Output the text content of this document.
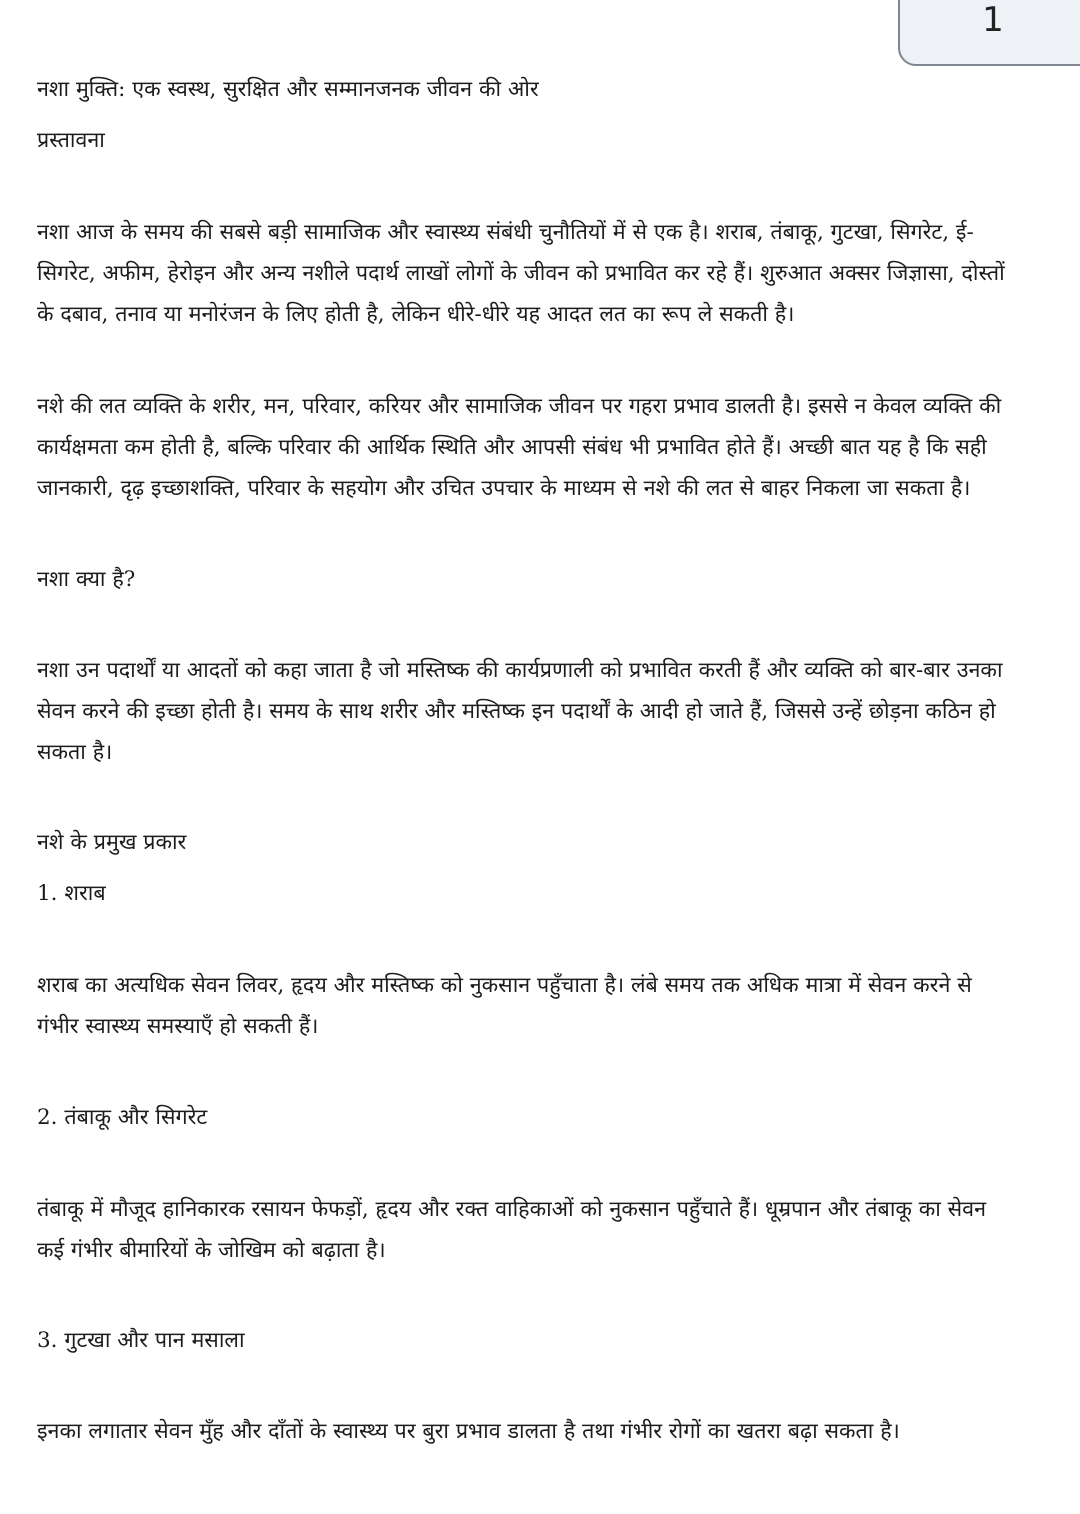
1
नशा मुक्ति: एक स्वस्थ, सुरक्षित और सम्मानजनक जीवन की ओर
प्रस्तावना
नशा आज के समय की सबसे बड़ी सामाजिक और स्वास्थ्य संबंधी चुनौतियों में से एक है। शराब, तंबाकू, गुटखा, सिगरेट, ई-
सिगरेट, अफीम, हेरोइन और अन्य नशीले पदार्थ लाखों लोगों के जीवन को प्रभावित कर रहे हैं। शुरुआत अक्सर जिज्ञासा, दोस्तों
के दबाव, तनाव या मनोरंजन के लिए होती है, लेकिन धीरे-धीरे यह आदत लत का रूप ले सकती है।
नशे की लत व्यक्ति के शरीर, मन, परिवार, करियर और सामाजिक जीवन पर गहरा प्रभाव डालती है। इससे न केवल व्यक्ति की
कार्यक्षमता कम होती है, बल्कि परिवार की आर्थिक स्थिति और आपसी संबंध भी प्रभावित होते हैं। अच्छी बात यह है कि सही
जानकारी, दृढ़ इच्छाशक्ति, परिवार के सहयोग और उचित उपचार के माध्यम से नशे की लत से बाहर निकला जा सकता है।
नशा क्या है?
नशा उन पदार्थों या आदतों को कहा जाता है जो मस्तिष्क की कार्यप्रणाली को प्रभावित करती हैं और व्यक्ति को बार-बार उनका
सेवन करने की इच्छा होती है। समय के साथ शरीर और मस्तिष्क इन पदार्थों के आदी हो जाते हैं, जिससे उन्हें छोड़ना कठिन हो
सकता है।
नशे के प्रमुख प्रकार
1. शराब
शराब का अत्यधिक सेवन लिवर, हृदय और मस्तिष्क को नुकसान पहुँचाता है। लंबे समय तक अधिक मात्रा में सेवन करने से
गंभीर स्वास्थ्य समस्याएँ हो सकती हैं।
2. तंबाकू और सिगरेट
तंबाकू में मौजूद हानिकारक रसायन फेफड़ों, हृदय और रक्त वाहिकाओं को नुकसान पहुँचाते हैं। धूम्रपान और तंबाकू का सेवन
कई गंभीर बीमारियों के जोखिम को बढ़ाता है।
3. गुटखा और पान मसाला
इनका लगातार सेवन मुँह और दाँतों के स्वास्थ्य पर बुरा प्रभाव डालता है तथा गंभीर रोगों का खतरा बढ़ा सकता है।
